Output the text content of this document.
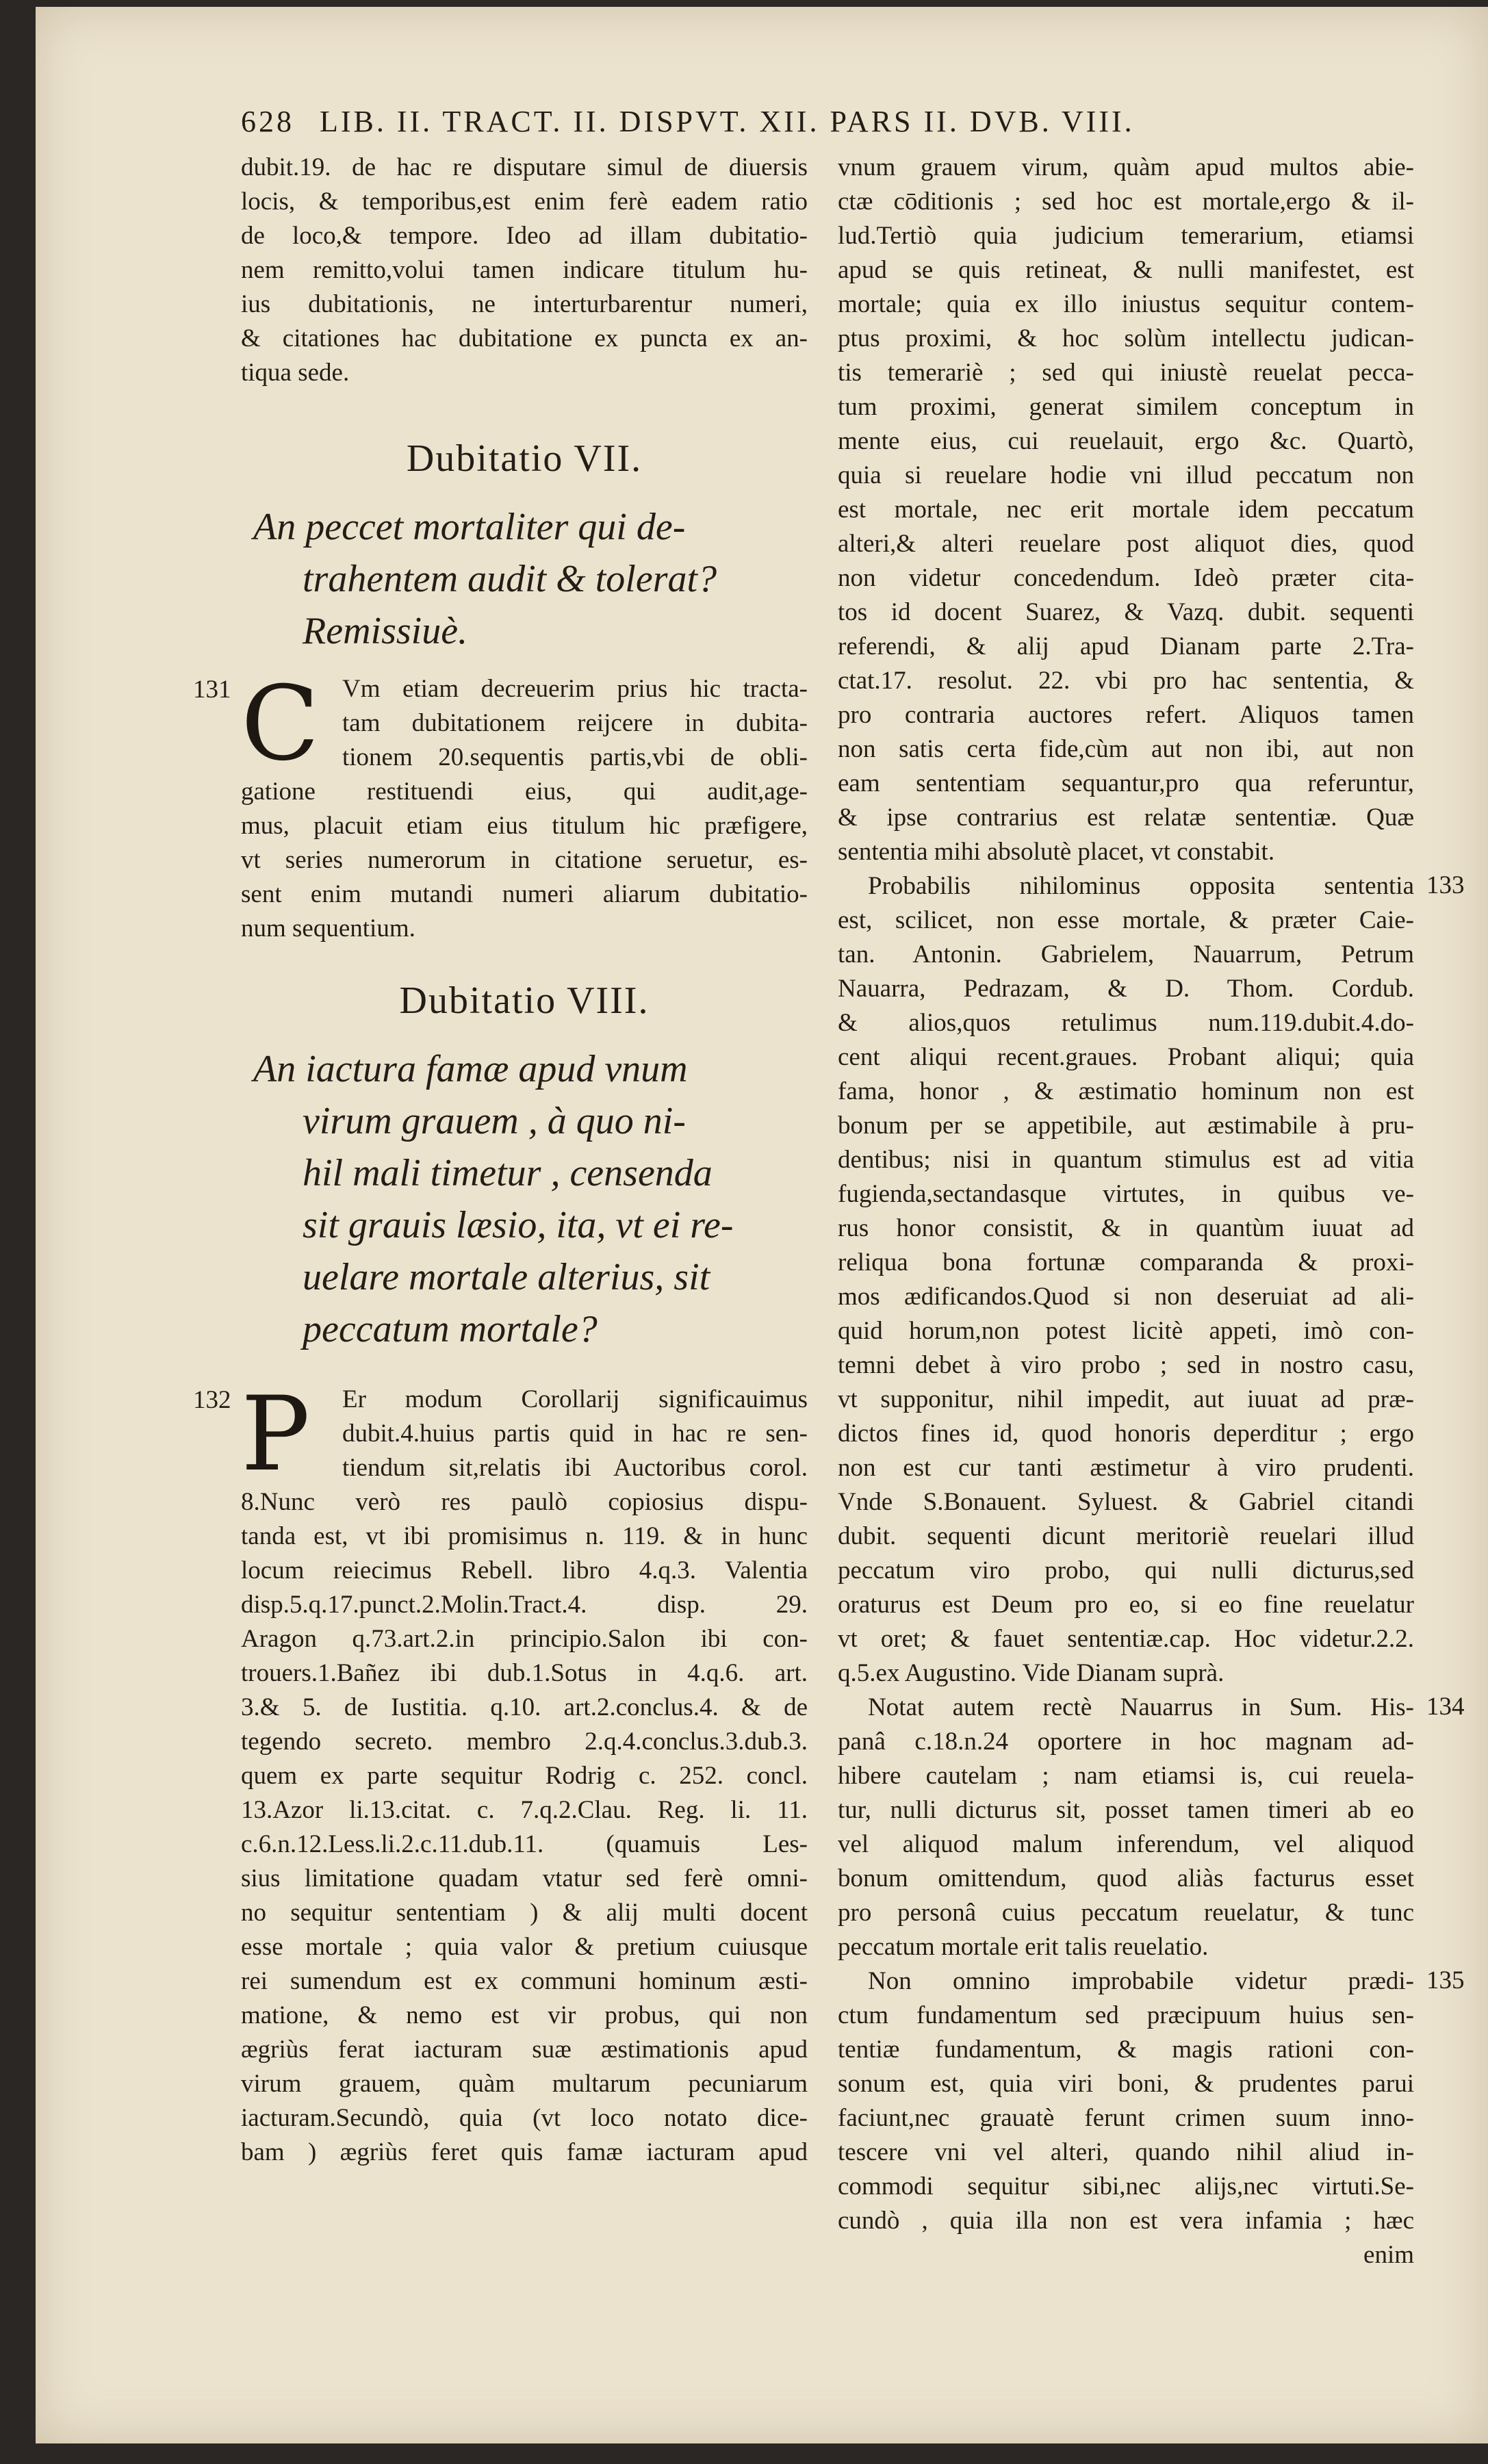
628 LIB. II. TRACT. II. DISPVT. XII. PARS II. DVB. VIII.
dubit.19. de hac re disputare simul de diuersis
locis, & temporibus,est enim ferè eadem ratio
de loco,& tempore. Ideo ad illam dubitatio-
nem remitto,volui tamen indicare titulum hu-
ius dubitationis, ne interturbarentur numeri,
& citationes hac dubitatione ex puncta ex an-
tiqua sede.
Dubitatio VII.
An peccet mortaliter qui de-
trahentem audit & tolerat?
Remissiuè.
131 C Vm etiam decreuerim prius hic tracta-
tam dubitationem reijcere in dubita-
tionem 20.sequentis partis,vbi de obli-
gatione restituendi eius, qui audit,age-
mus, placuit etiam eius titulum hic præfigere,
vt series numerorum in citatione seruetur, es-
sent enim mutandi numeri aliarum dubitatio-
num sequentium.
Dubitatio VIII.
An iactura famæ apud vnum
virum grauem , à quo ni-
hil mali timetur , censenda
sit grauis læsio, ita, vt ei re-
uelare mortale alterius, sit
peccatum mortale?
132 P	Er modum Corollarij significauimus
dubit.4.huius partis quid in hac re sen-
tiendum sit,relatis ibi Auctoribus corol.
8.Nunc verò res paulò copiosius dispu-
tanda est, vt ibi promisimus n. 119. & in hunc
locum reiecimus Rebell. libro 4.q.3. Valentia
disp.5.q.17.punct.2.Molin.Tract.4. disp. 29.
Aragon q.73.art.2.in principio.Salon ibi con-
trouers.1.Bañez ibi dub.1.Sotus in 4.q.6. art.
3.& 5. de Iustitia. q.10. art.2.conclus.4. & de
tegendo secreto. membro 2.q.4.conclus.3.dub.3.
quem ex parte sequitur Rodrig c. 252. concl.
13.Azor li.13.citat. c. 7.q.2.Clau. Reg. li. 11.
c.6.n.12.Less.li.2.c.11.dub.11. (quamuis Les-
sius limitatione quadam vtatur sed ferè omni-
no sequitur sententiam ) & alij multi docent
esse mortale ; quia valor & pretium cuiusque
rei sumendum est ex communi hominum æsti-
matione, & nemo est vir probus, qui non
ægriùs ferat iacturam suæ æstimationis apud
virum grauem, quàm multarum pecuniarum
iacturam.Secundò, quia (vt loco notato dice-
bam ) ægriùs feret quis famæ iacturam apud
vnum grauem virum, quàm apud multos abie-
ctæ cōditionis ; sed hoc est mortale,ergo & il-
lud.Tertiò quia judicium temerarium, etiamsi
apud se quis retineat, & nulli manifestet, est
mortale; quia ex illo iniustus sequitur contem-
ptus proximi, & hoc solùm intellectu judican-
tis temerariè ; sed qui iniustè reuelat pecca-
tum proximi, generat similem conceptum in
mente eius, cui reuelauit, ergo &c. Quartò,
quia si reuelare hodie vni illud peccatum non
est mortale, nec erit mortale idem peccatum
alteri,& alteri reuelare post aliquot dies, quod
non videtur concedendum. Ideò præter cita-
tos id docent Suarez, & Vazq. dubit. sequenti
referendi, & alij apud Dianam parte 2.Tra-
ctat.17. resolut. 22. vbi pro hac sententia, &
pro contraria auctores refert. Aliquos tamen
non satis certa fide,cùm aut non ibi, aut non
eam sententiam sequantur,pro qua referuntur,
& ipse contrarius est relatæ sententiæ. Quæ
sententia mihi absolutè placet, vt constabit.
133
Probabilis nihilominus opposita sententia
est, scilicet, non esse mortale, & præter Caie-
tan. Antonin. Gabrielem, Nauarrum, Petrum
Nauarra, Pedrazam, & D. Thom. Cordub.
& alios,quos retulimus num.119.dubit.4.do-
cent aliqui recent.graues. Probant aliqui; quia
fama, honor , & æstimatio hominum non est
bonum per se appetibile, aut æstimabile à pru-
dentibus; nisi in quantum stimulus est ad vitia
fugienda,sectandasque virtutes, in quibus ve-
rus honor consistit, & in quantùm iuuat ad
reliqua bona fortunæ comparanda & proxi-
mos ædificandos.Quod si non deseruiat ad ali-
quid horum,non potest licitè appeti, imò con-
temni debet à viro probo ; sed in nostro casu,
vt supponitur, nihil impedit, aut iuuat ad præ-
dictos fines id, quod honoris deperditur ; ergo
non est cur tanti æstimetur à viro prudenti.
Vnde S.Bonauent. Syluest. & Gabriel citandi
dubit. sequenti dicunt meritoriè reuelari illud
peccatum viro probo, qui nulli dicturus,sed
oraturus est Deum pro eo, si eo fine reuelatur
vt oret; & fauet sententiæ.cap. Hoc videtur.2.2.
q.5.ex Augustino. Vide Dianam suprà.
134
Notat autem rectè Nauarrus in Sum. His-
panâ c.18.n.24 oportere in hoc magnam ad-
hibere cautelam ; nam etiamsi is, cui reuela-
tur, nulli dicturus sit, posset tamen timeri ab eo
vel aliquod malum inferendum, vel aliquod
bonum omittendum, quod aliàs facturus esset
pro personâ cuius peccatum reuelatur, & tunc
peccatum mortale erit talis reuelatio.
135
Non omnino improbabile videtur prædi-
ctum fundamentum sed præcipuum huius sen-
tentiæ fundamentum, & magis rationi con-
sonum est, quia viri boni, & prudentes parui
faciunt,nec grauatè ferunt crimen suum inno-
tescere vni vel alteri, quando nihil aliud in-
commodi sequitur sibi,nec alijs,nec virtuti.Se-
cundò , quia illa non est vera infamia ; hæc
enim
